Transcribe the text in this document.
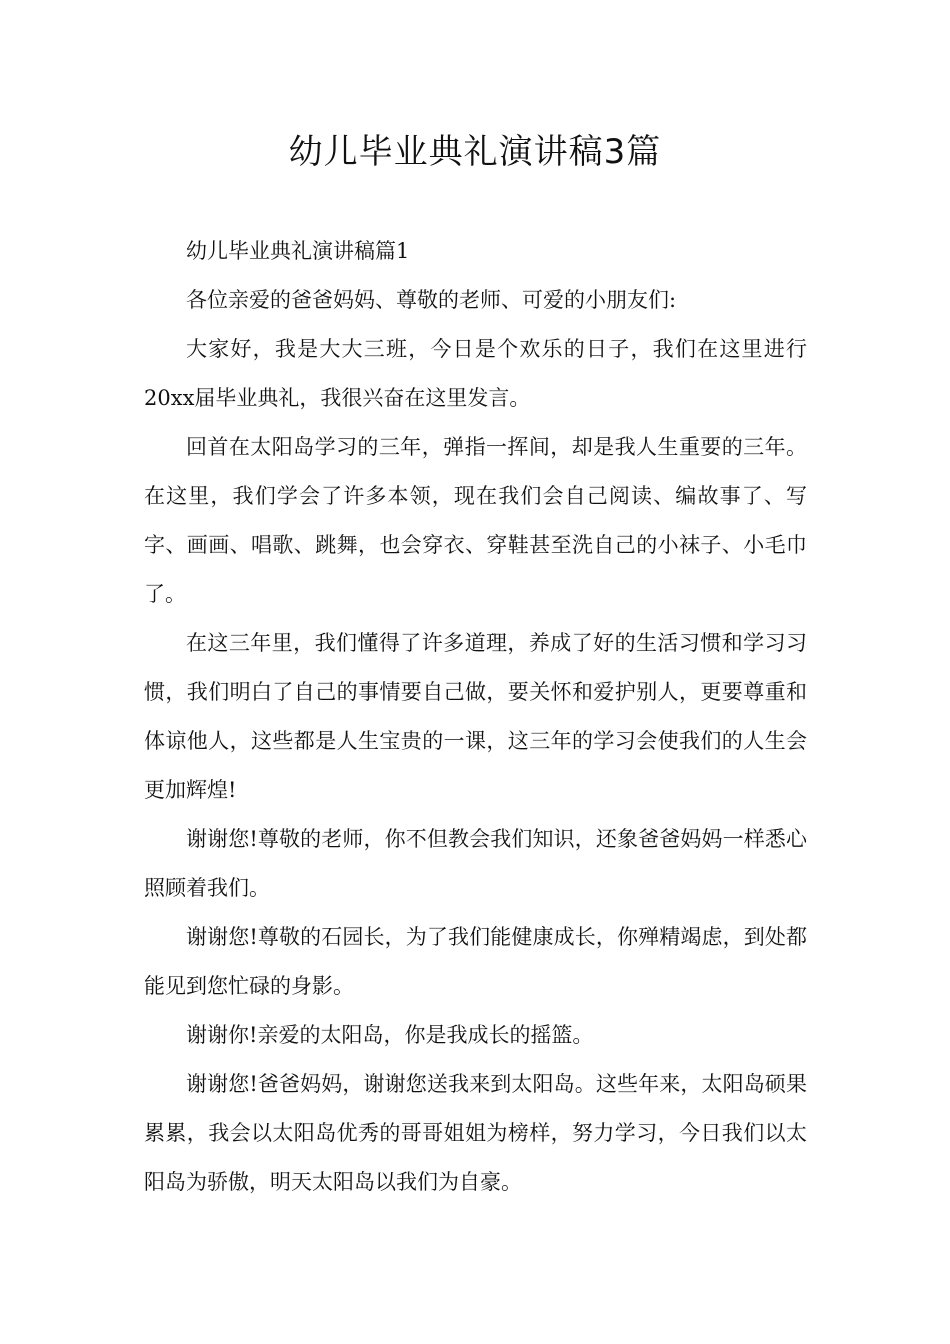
幼儿毕业典礼演讲稿3篇

幼儿毕业典礼演讲稿篇1

各位亲爱的爸爸妈妈、尊敬的老师、可爱的小朋友们:

大家好，我是大大三班，今日是个欢乐的日子，我们在这里进行20xx届毕业典礼，我很兴奋在这里发言。

回首在太阳岛学习的三年，弹指一挥间，却是我人生重要的三年。在这里，我们学会了许多本领，现在我们会自己阅读、编故事了、写字、画画、唱歌、跳舞，也会穿衣、穿鞋甚至洗自己的小袜子、小毛巾了。

在这三年里，我们懂得了许多道理，养成了好的生活习惯和学习习惯，我们明白了自己的事情要自己做，要关怀和爱护别人，更要尊重和体谅他人，这些都是人生宝贵的一课，这三年的学习会使我们的人生会更加辉煌!

谢谢您!尊敬的老师，你不但教会我们知识，还象爸爸妈妈一样悉心照顾着我们。

谢谢您!尊敬的石园长，为了我们能健康成长，你殚精竭虑，到处都能见到您忙碌的身影。

谢谢你!亲爱的太阳岛，你是我成长的摇篮。

谢谢您!爸爸妈妈，谢谢您送我来到太阳岛。这些年来，太阳岛硕果累累，我会以太阳岛优秀的哥哥姐姐为榜样，努力学习，今日我们以太阳岛为骄傲，明天太阳岛以我们为自豪。
